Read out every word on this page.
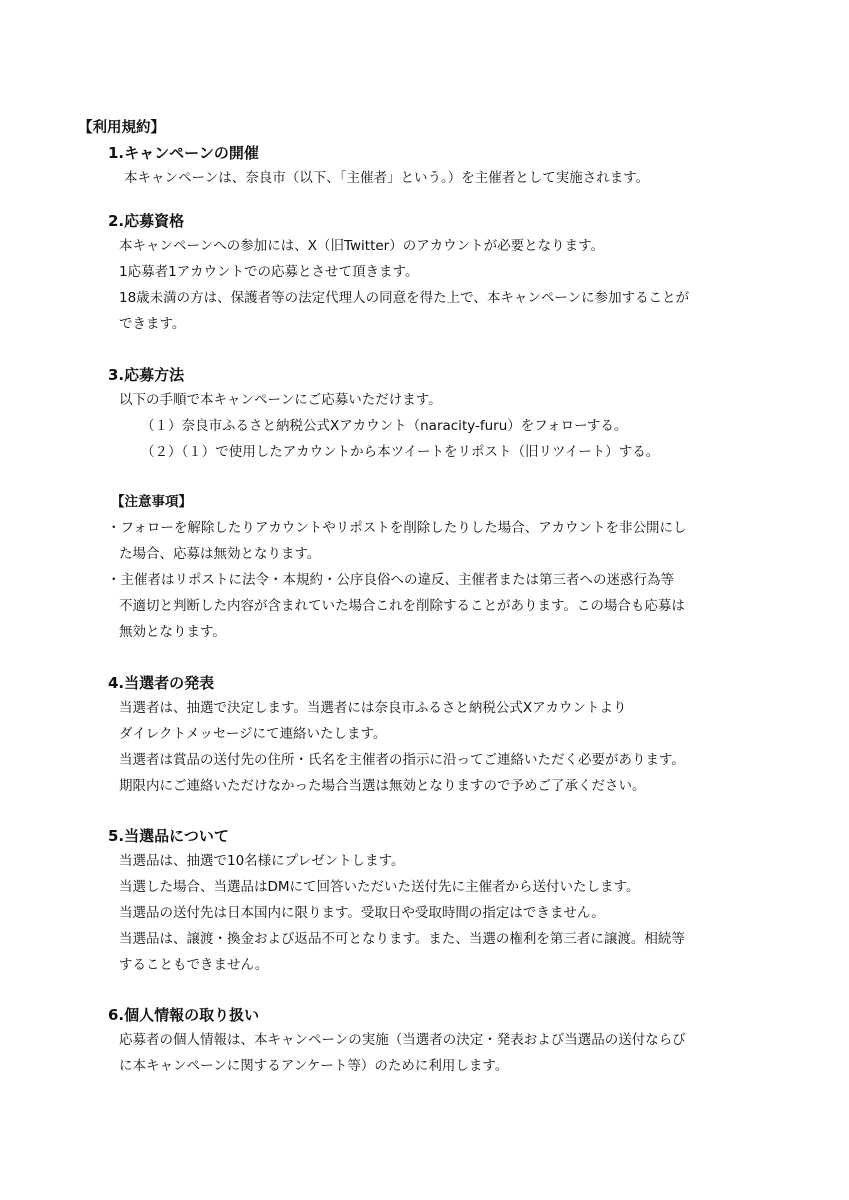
【利用規約】
1.キャンペーンの開催
本キャンペーンは、奈良市（以下、「主催者」という。）を主催者として実施されます。
2.応募資格
本キャンペーンへの参加には、X（旧Twitter）のアカウントが必要となります。
1応募者1アカウントでの応募とさせて頂きます。
18歳未満の方は、保護者等の法定代理人の同意を得た上で、本キャンペーンに参加することが
できます。
3.応募方法
以下の手順で本キャンペーンにご応募いただけます。
（１）奈良市ふるさと納税公式Xアカウント（naracity-furu）をフォローする。
（２）（１）で使用したアカウントから本ツイートをリポスト（旧リツイート）する。
【注意事項】
・フォローを解除したりアカウントやリポストを削除したりした場合、アカウントを非公開にし
た場合、応募は無効となります。
・主催者はリポストに法令・本規約・公序良俗への違反、主催者または第三者への迷惑行為等
不適切と判断した内容が含まれていた場合これを削除することがあります。この場合も応募は
無効となります。
4.当選者の発表
当選者は、抽選で決定します。当選者には奈良市ふるさと納税公式Xアカウントより
ダイレクトメッセージにて連絡いたします。
当選者は賞品の送付先の住所・氏名を主催者の指示に沿ってご連絡いただく必要があります。
期限内にご連絡いただけなかった場合当選は無効となりますので予めご了承ください。
5.当選品について
当選品は、抽選で10名様にプレゼントします。
当選した場合、当選品はDMにて回答いただいた送付先に主催者から送付いたします。
当選品の送付先は日本国内に限ります。受取日や受取時間の指定はできません。
当選品は、譲渡・換金および返品不可となります。また、当選の権利を第三者に譲渡。相続等
することもできません。
6.個人情報の取り扱い
応募者の個人情報は、本キャンペーンの実施（当選者の決定・発表および当選品の送付ならび
に本キャンペーンに関するアンケート等）のために利用します。
